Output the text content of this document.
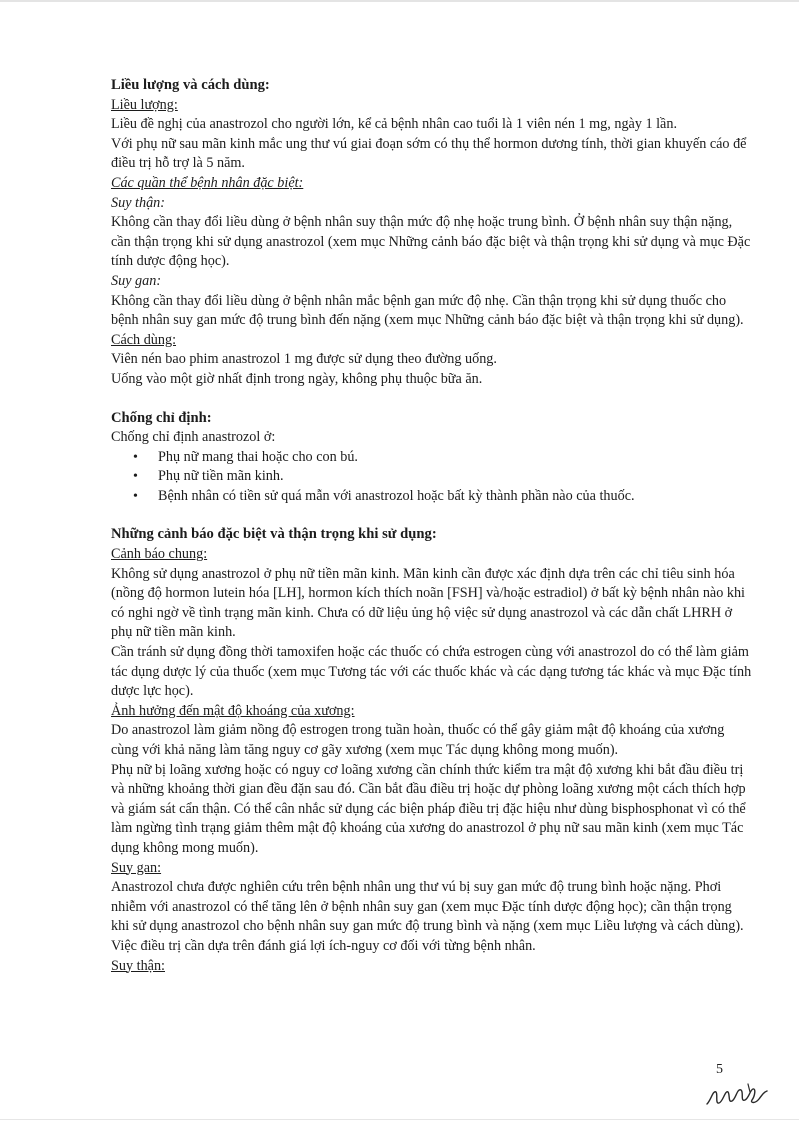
Liều lượng và cách dùng:

Liều lượng:

Liều đề nghị của anastrozol cho người lớn, kể cả bệnh nhân cao tuổi là 1 viên nén 1 mg, ngày 1 lần.

Với phụ nữ sau mãn kinh mắc ung thư vú giai đoạn sớm có thụ thể hormon dương tính, thời gian khuyến cáo để điều trị hỗ trợ là 5 năm.

Các quần thể bệnh nhân đặc biệt:

Suy thận:

Không cần thay đổi liều dùng ở bệnh nhân suy thận mức độ nhẹ hoặc trung bình. Ở bệnh nhân suy thận nặng, cần thận trọng khi sử dụng anastrozol (xem mục Những cảnh báo đặc biệt và thận trọng khi sử dụng và mục Đặc tính dược động học).

Suy gan:

Không cần thay đổi liều dùng ở bệnh nhân mắc bệnh gan mức độ nhẹ. Cần thận trọng khi sử dụng thuốc cho bệnh nhân suy gan mức độ trung bình đến nặng (xem mục Những cảnh báo đặc biệt và thận trọng khi sử dụng).

Cách dùng:

Viên nén bao phim anastrozol 1 mg được sử dụng theo đường uống.

Uống vào một giờ nhất định trong ngày, không phụ thuộc bữa ăn.

Chống chỉ định:

Chống chỉ định anastrozol ở:

• Phụ nữ mang thai hoặc cho con bú.
• Phụ nữ tiền mãn kinh.
• Bệnh nhân có tiền sử quá mẫn với anastrozol hoặc bất kỳ thành phần nào của thuốc.

Những cảnh báo đặc biệt và thận trọng khi sử dụng:

Cảnh báo chung:

Không sử dụng anastrozol ở phụ nữ tiền mãn kinh. Mãn kinh cần được xác định dựa trên các chỉ tiêu sinh hóa (nồng độ hormon lutein hóa [LH], hormon kích thích noãn [FSH] và/hoặc estradiol) ở bất kỳ bệnh nhân nào khi có nghi ngờ về tình trạng mãn kinh. Chưa có dữ liệu ủng hộ việc sử dụng anastrozol và các dẫn chất LHRH ở phụ nữ tiền mãn kinh.

Cần tránh sử dụng đồng thời tamoxifen hoặc các thuốc có chứa estrogen cùng với anastrozol do có thể làm giảm tác dụng dược lý của thuốc (xem mục Tương tác với các thuốc khác và các dạng tương tác khác và mục Đặc tính dược lực học).

Ảnh hưởng đến mật độ khoáng của xương:

Do anastrozol làm giảm nồng độ estrogen trong tuần hoàn, thuốc có thể gây giảm mật độ khoáng của xương cùng với khả năng làm tăng nguy cơ gãy xương (xem mục Tác dụng không mong muốn).

Phụ nữ bị loãng xương hoặc có nguy cơ loãng xương cần chính thức kiểm tra mật độ xương khi bắt đầu điều trị và những khoảng thời gian đều đặn sau đó. Cần bắt đầu điều trị hoặc dự phòng loãng xương một cách thích hợp và giám sát cẩn thận. Có thể cân nhắc sử dụng các biện pháp điều trị đặc hiệu như dùng bisphosphonat vì có thể làm ngừng tình trạng giảm thêm mật độ khoáng của xương do anastrozol ở phụ nữ sau mãn kinh (xem mục Tác dụng không mong muốn).

Suy gan:

Anastrozol chưa được nghiên cứu trên bệnh nhân ung thư vú bị suy gan mức độ trung bình hoặc nặng. Phơi nhiễm với anastrozol có thể tăng lên ở bệnh nhân suy gan (xem mục Đặc tính dược động học); cần thận trọng khi sử dụng anastrozol cho bệnh nhân suy gan mức độ trung bình và nặng (xem mục Liều lượng và cách dùng). Việc điều trị cần dựa trên đánh giá lợi ích-nguy cơ đối với từng bệnh nhân.

Suy thận:

5
